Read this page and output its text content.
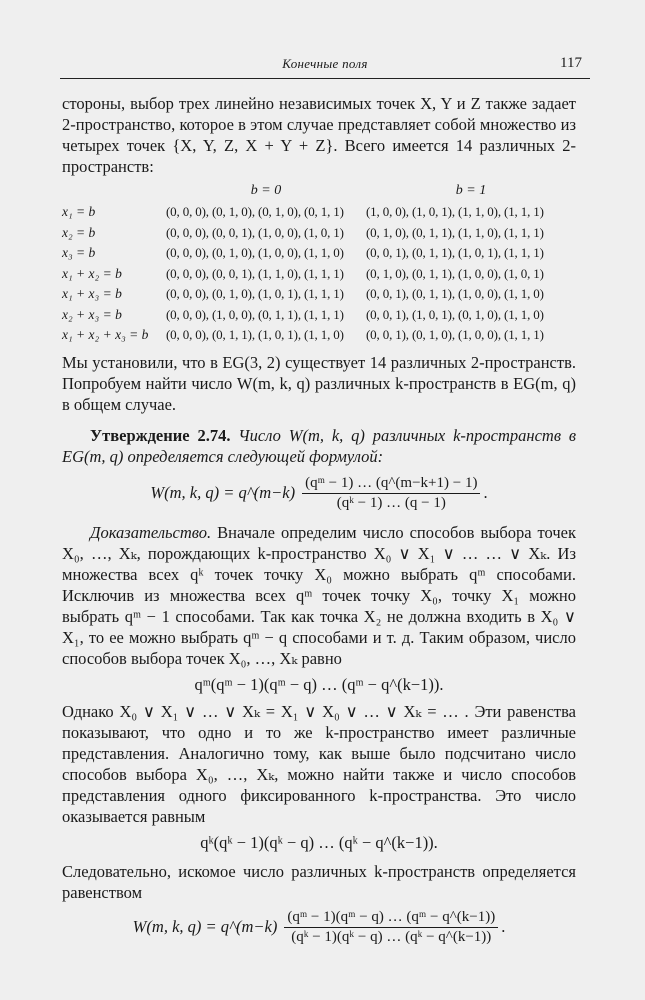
Конечные поля	117

стороны, выбор трех линейно независимых точек X, Y и Z также задает 2-пространство, которое в этом случае представляет собой множество из четырех точек {X, Y, Z, X + Y + Z}. Всего имеется 14 различных 2-пространств:

	b = 0	b = 1
x₁ = b	(0, 0, 0), (0, 1, 0), (0, 1, 0), (0, 1, 1)	(1, 0, 0), (1, 0, 1), (1, 1, 0), (1, 1, 1)
x₂ = b	(0, 0, 0), (0, 0, 1), (1, 0, 0), (1, 0, 1)	(0, 1, 0), (0, 1, 1), (1, 1, 0), (1, 1, 1)
x₃ = b	(0, 0, 0), (0, 1, 0), (1, 0, 0), (1, 1, 0)	(0, 0, 1), (0, 1, 1), (1, 0, 1), (1, 1, 1)
x₁ + x₂ = b	(0, 0, 0), (0, 0, 1), (1, 1, 0), (1, 1, 1)	(0, 1, 0), (0, 1, 1), (1, 0, 0), (1, 0, 1)
x₁ + x₃ = b	(0, 0, 0), (0, 1, 0), (1, 0, 1), (1, 1, 1)	(0, 0, 1), (0, 1, 1), (1, 0, 0), (1, 1, 0)
x₂ + x₃ = b	(0, 0, 0), (1, 0, 0), (0, 1, 1), (1, 1, 1)	(0, 0, 1), (1, 0, 1), (0, 1, 0), (1, 1, 0)
x₁ + x₂ + x₃ = b	(0, 0, 0), (0, 1, 1), (1, 0, 1), (1, 1, 0)	(0, 0, 1), (0, 1, 0), (1, 0, 0), (1, 1, 1)

Мы установили, что в EG(3, 2) существует 14 различных 2-пространств. Попробуем найти число W(m, k, q) различных k-пространств в EG(m, q) в общем случае.

Утверждение 2.74. Число W(m, k, q) различных k-пространств в EG(m, q) определяется следующей формулой:

W(m, k, q) = q^(m−k) $\frac{\text{(qᵐ − 1) … (q\textasciicircum{}(m−k+1) − 1)}}{\text{(qᵏ − 1) … (q − 1)}}$ .

Доказательство. Вначале определим число способов выбора точек X₀, …, Xₖ, порождающих k-пространство X₀ ∨ X₁ ∨ … … ∨ Xₖ. Из множества всех qᵏ точек точку X₀ можно выбрать qᵐ способами. Исключив из множества всех qᵐ точек точку X₀, точку X₁ можно выбрать qᵐ − 1 способами. Так как точка X₂ не должна входить в X₀ ∨ X₁, то ее можно выбрать qᵐ − q способами и т. д. Таким образом, число способов выбора точек X₀, …, Xₖ равно

qᵐ(qᵐ − 1)(qᵐ − q) … (qᵐ − q^(k−1)).

Однако X₀ ∨ X₁ ∨ … ∨ Xₖ = X₁ ∨ X₀ ∨ … ∨ Xₖ = … . Эти равенства показывают, что одно и то же k-пространство имеет различные представления. Аналогично тому, как выше было подсчитано число способов выбора X₀, …, Xₖ, можно найти также и число способов представления одного фиксированного k-пространства. Это число оказывается равным

qᵏ(qᵏ − 1)(qᵏ − q) … (qᵏ − q^(k−1)).

Следовательно, искомое число различных k-пространств определяется равенством

W(m, k, q) = q^(m−k) $\frac{\text{(qᵐ − 1)(qᵐ − q) … (qᵐ − q\textasciicircum{}(k−1))}}{\text{(qᵏ − 1)(qᵏ − q) … (qᵏ − q\textasciicircum{}(k−1))}}$ .
